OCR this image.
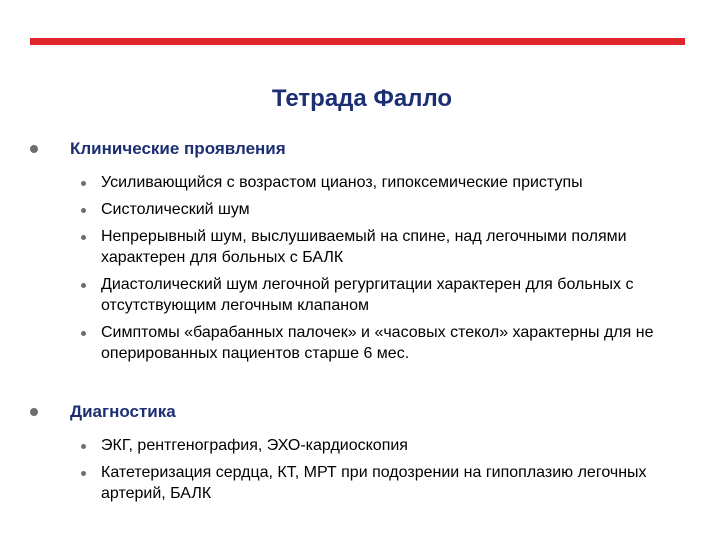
Тетрада Фалло
Клинические проявления
Усиливающийся с возрастом цианоз, гипоксемические приступы
Систолический шум
Непрерывный шум, выслушиваемый на спине, над легочными полями характерен для больных с БАЛК
Диастолический шум легочной регургитации характерен для больных с отсутствующим легочным клапаном
Симптомы «барабанных палочек» и «часовых стекол» характерны для не оперированных пациентов старше 6 мес.
Диагностика
ЭКГ, рентгенография, ЭХО-кардиоскопия
Катетеризация сердца, КТ, МРТ при подозрении на гипоплазию легочных артерий, БАЛК
